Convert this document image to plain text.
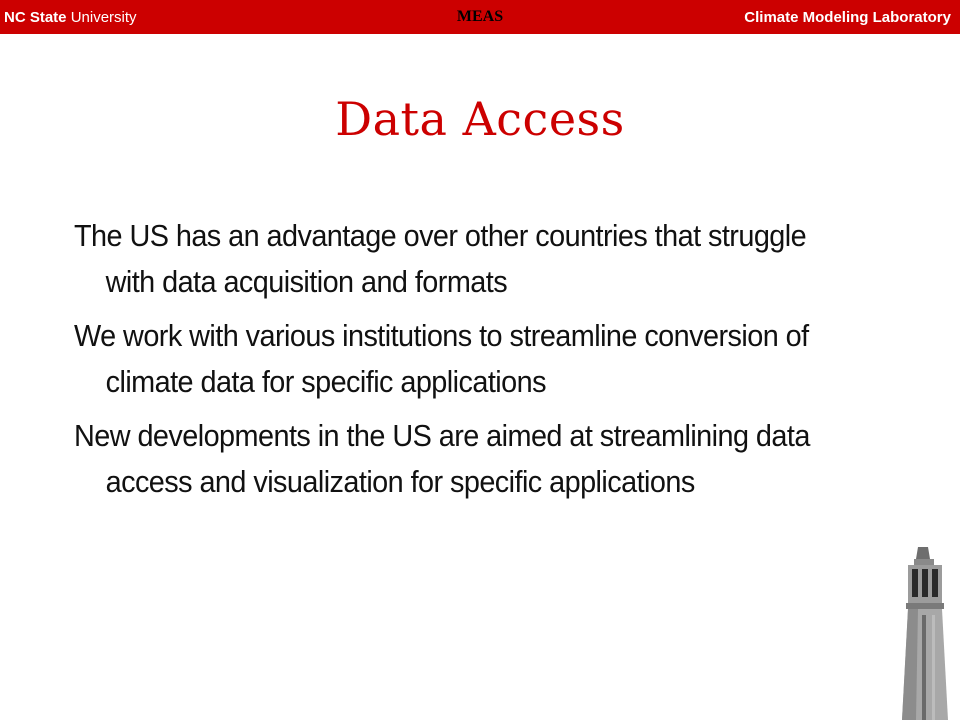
NC State University	Climate Modeling Laboratory
MEAS
Data Access
The US has an advantage over other countries that struggle with data acquisition and formats
We work with various institutions to streamline conversion of climate data for specific applications
New developments in the US are aimed at streamlining data access and visualization for specific applications
